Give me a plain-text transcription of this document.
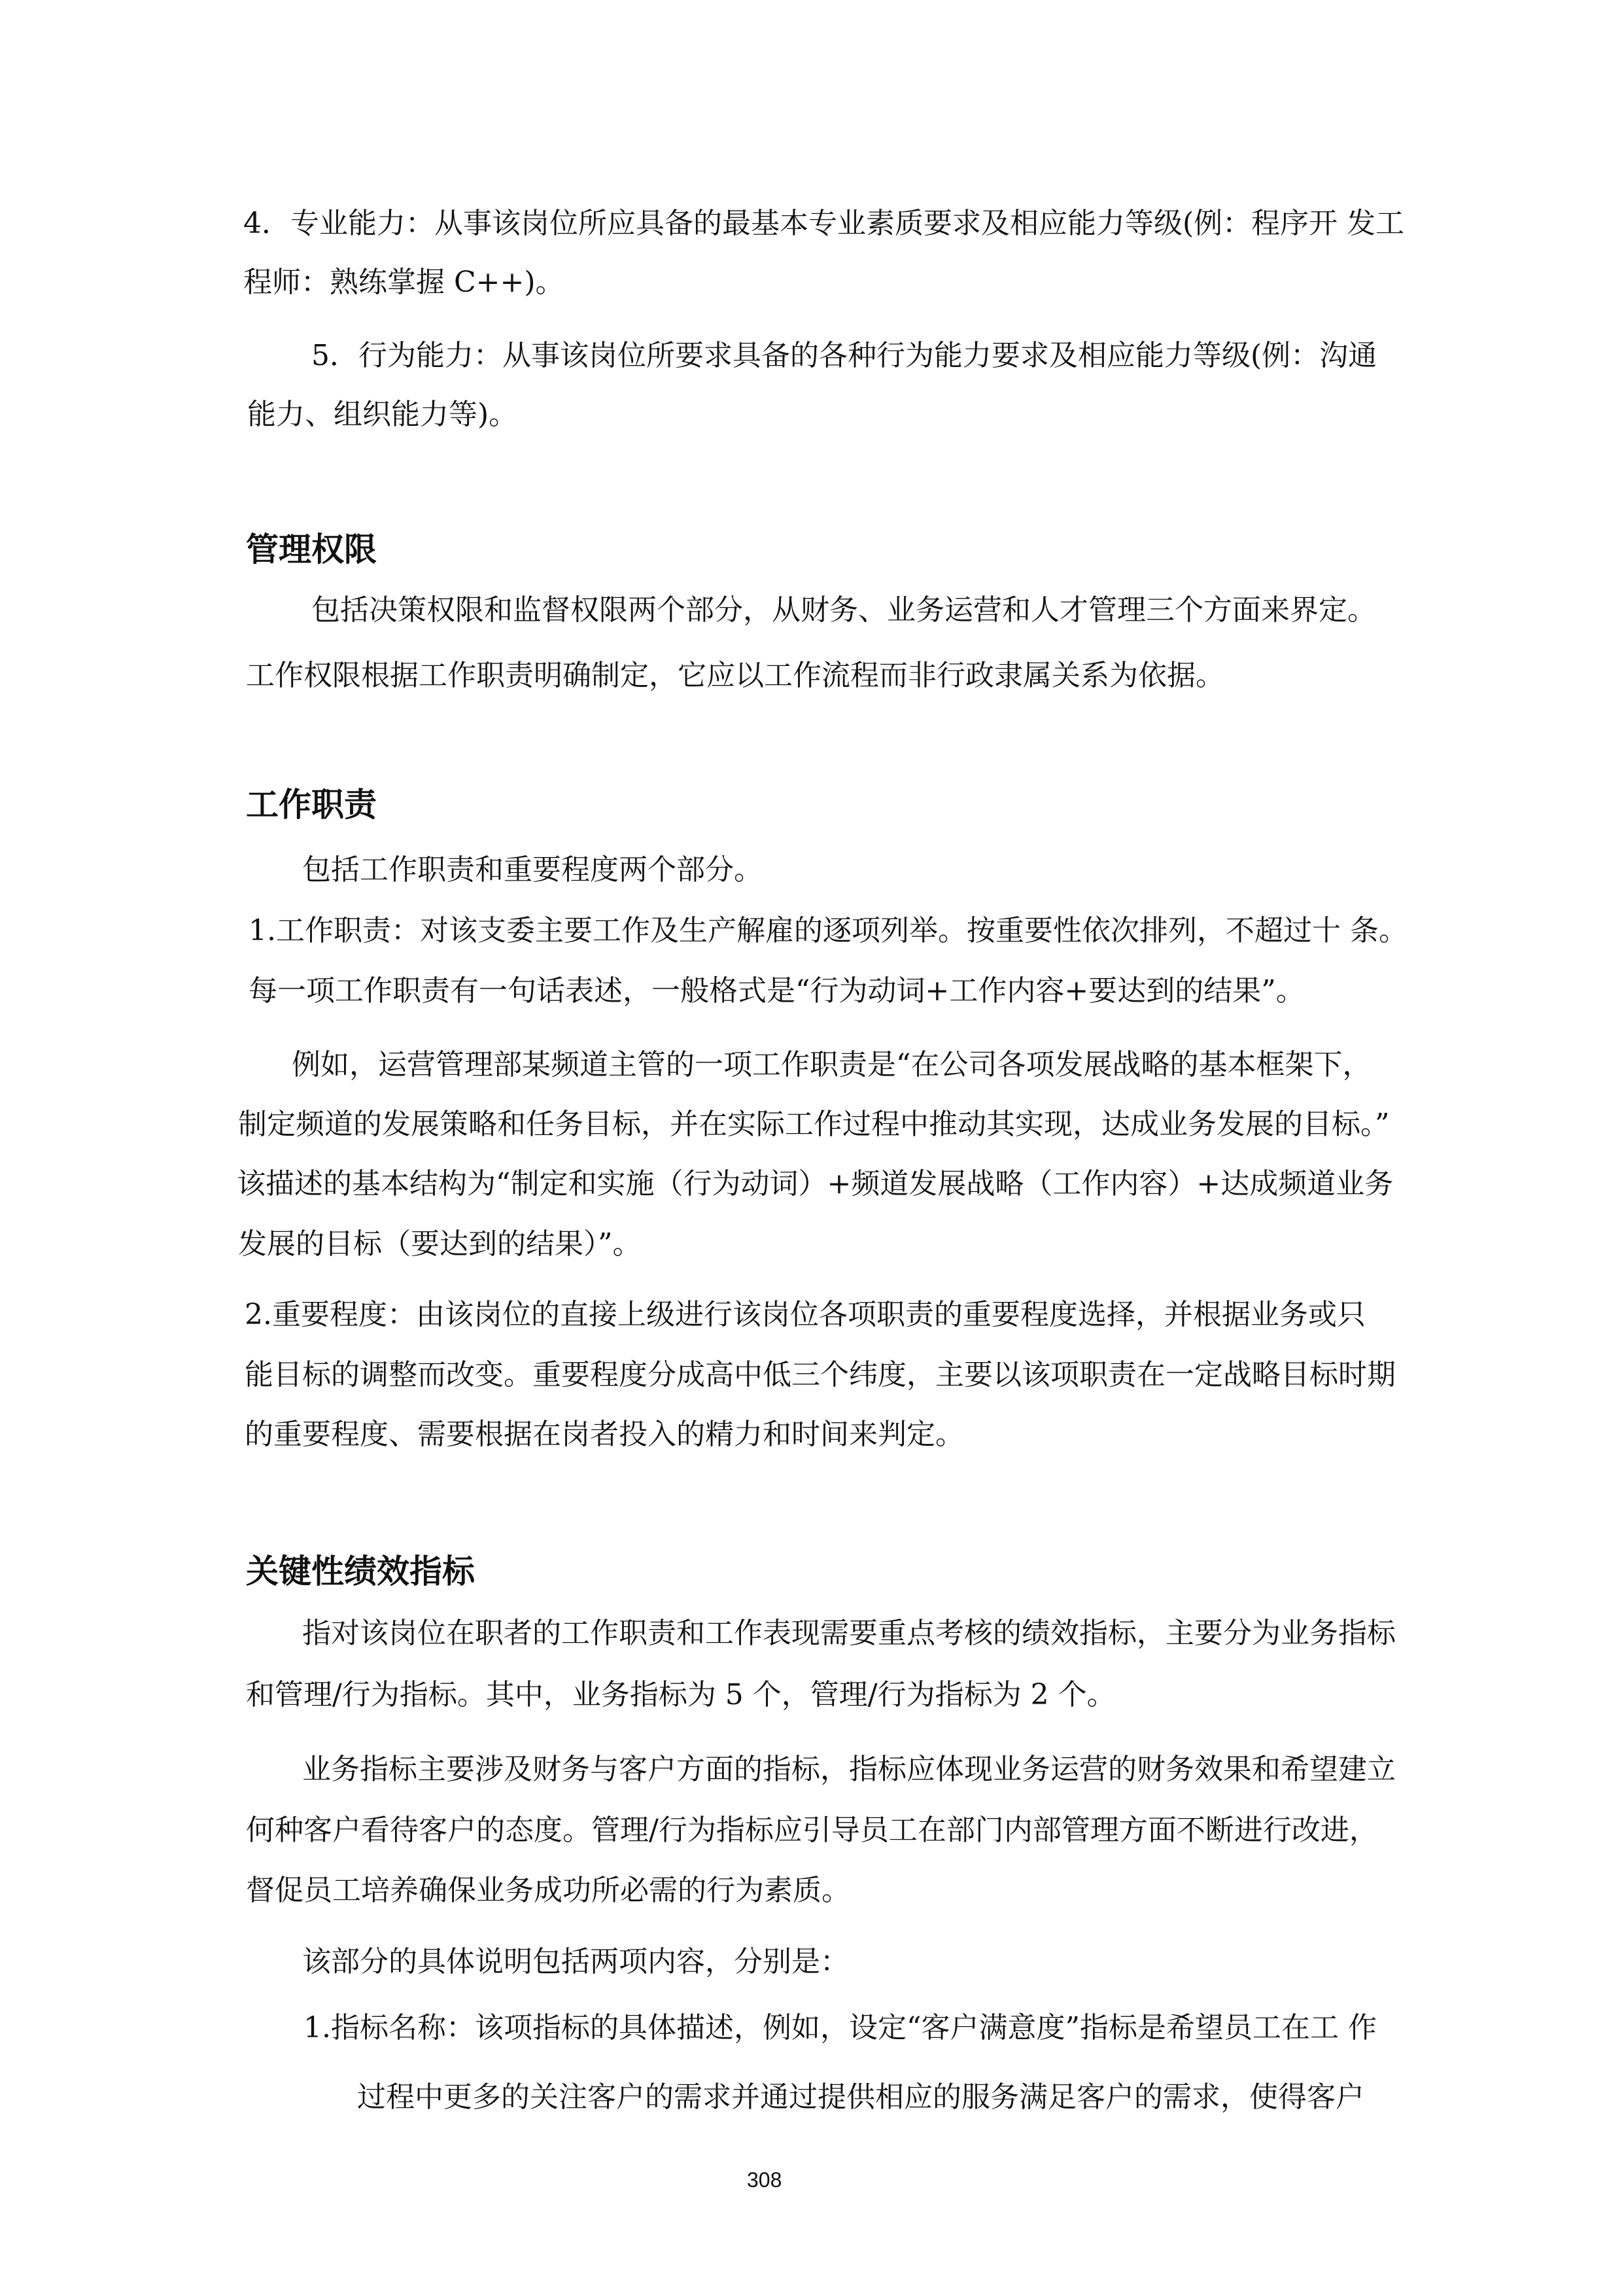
4．专业能力：从事该岗位所应具备的最基本专业素质要求及相应能力等级(例：程序开 发工
程师：熟练掌握 C++)。
5．行为能力：从事该岗位所要求具备的各种行为能力要求及相应能力等级(例：沟通
能力、组织能力等)。
管理权限
包括决策权限和监督权限两个部分，从财务、业务运营和人才管理三个方面来界定。
工作权限根据工作职责明确制定，它应以工作流程而非行政隶属关系为依据。
工作职责
包括工作职责和重要程度两个部分。
1.工作职责：对该支委主要工作及生产解雇的逐项列举。按重要性依次排列，不超过十 条。
每一项工作职责有一句话表述，一般格式是“行为动词+工作内容+要达到的结果”。
例如，运营管理部某频道主管的一项工作职责是“在公司各项发展战略的基本框架下，
制定频道的发展策略和任务目标，并在实际工作过程中推动其实现，达成业务发展的目标。”
该描述的基本结构为“制定和实施（行为动词）+频道发展战略（工作内容）+达成频道业务
发展的目标（要达到的结果）”。
2.重要程度：由该岗位的直接上级进行该岗位各项职责的重要程度选择，并根据业务或只
能目标的调整而改变。重要程度分成高中低三个纬度，主要以该项职责在一定战略目标时期
的重要程度、需要根据在岗者投入的精力和时间来判定。
关键性绩效指标
指对该岗位在职者的工作职责和工作表现需要重点考核的绩效指标，主要分为业务指标
和管理/行为指标。其中，业务指标为 5 个，管理/行为指标为 2 个。
业务指标主要涉及财务与客户方面的指标，指标应体现业务运营的财务效果和希望建立
何种客户看待客户的态度。管理/行为指标应引导员工在部门内部管理方面不断进行改进，
督促员工培养确保业务成功所必需的行为素质。
该部分的具体说明包括两项内容，分别是：
1.指标名称：该项指标的具体描述，例如，设定“客户满意度”指标是希望员工在工 作
过程中更多的关注客户的需求并通过提供相应的服务满足客户的需求，使得客户
308
